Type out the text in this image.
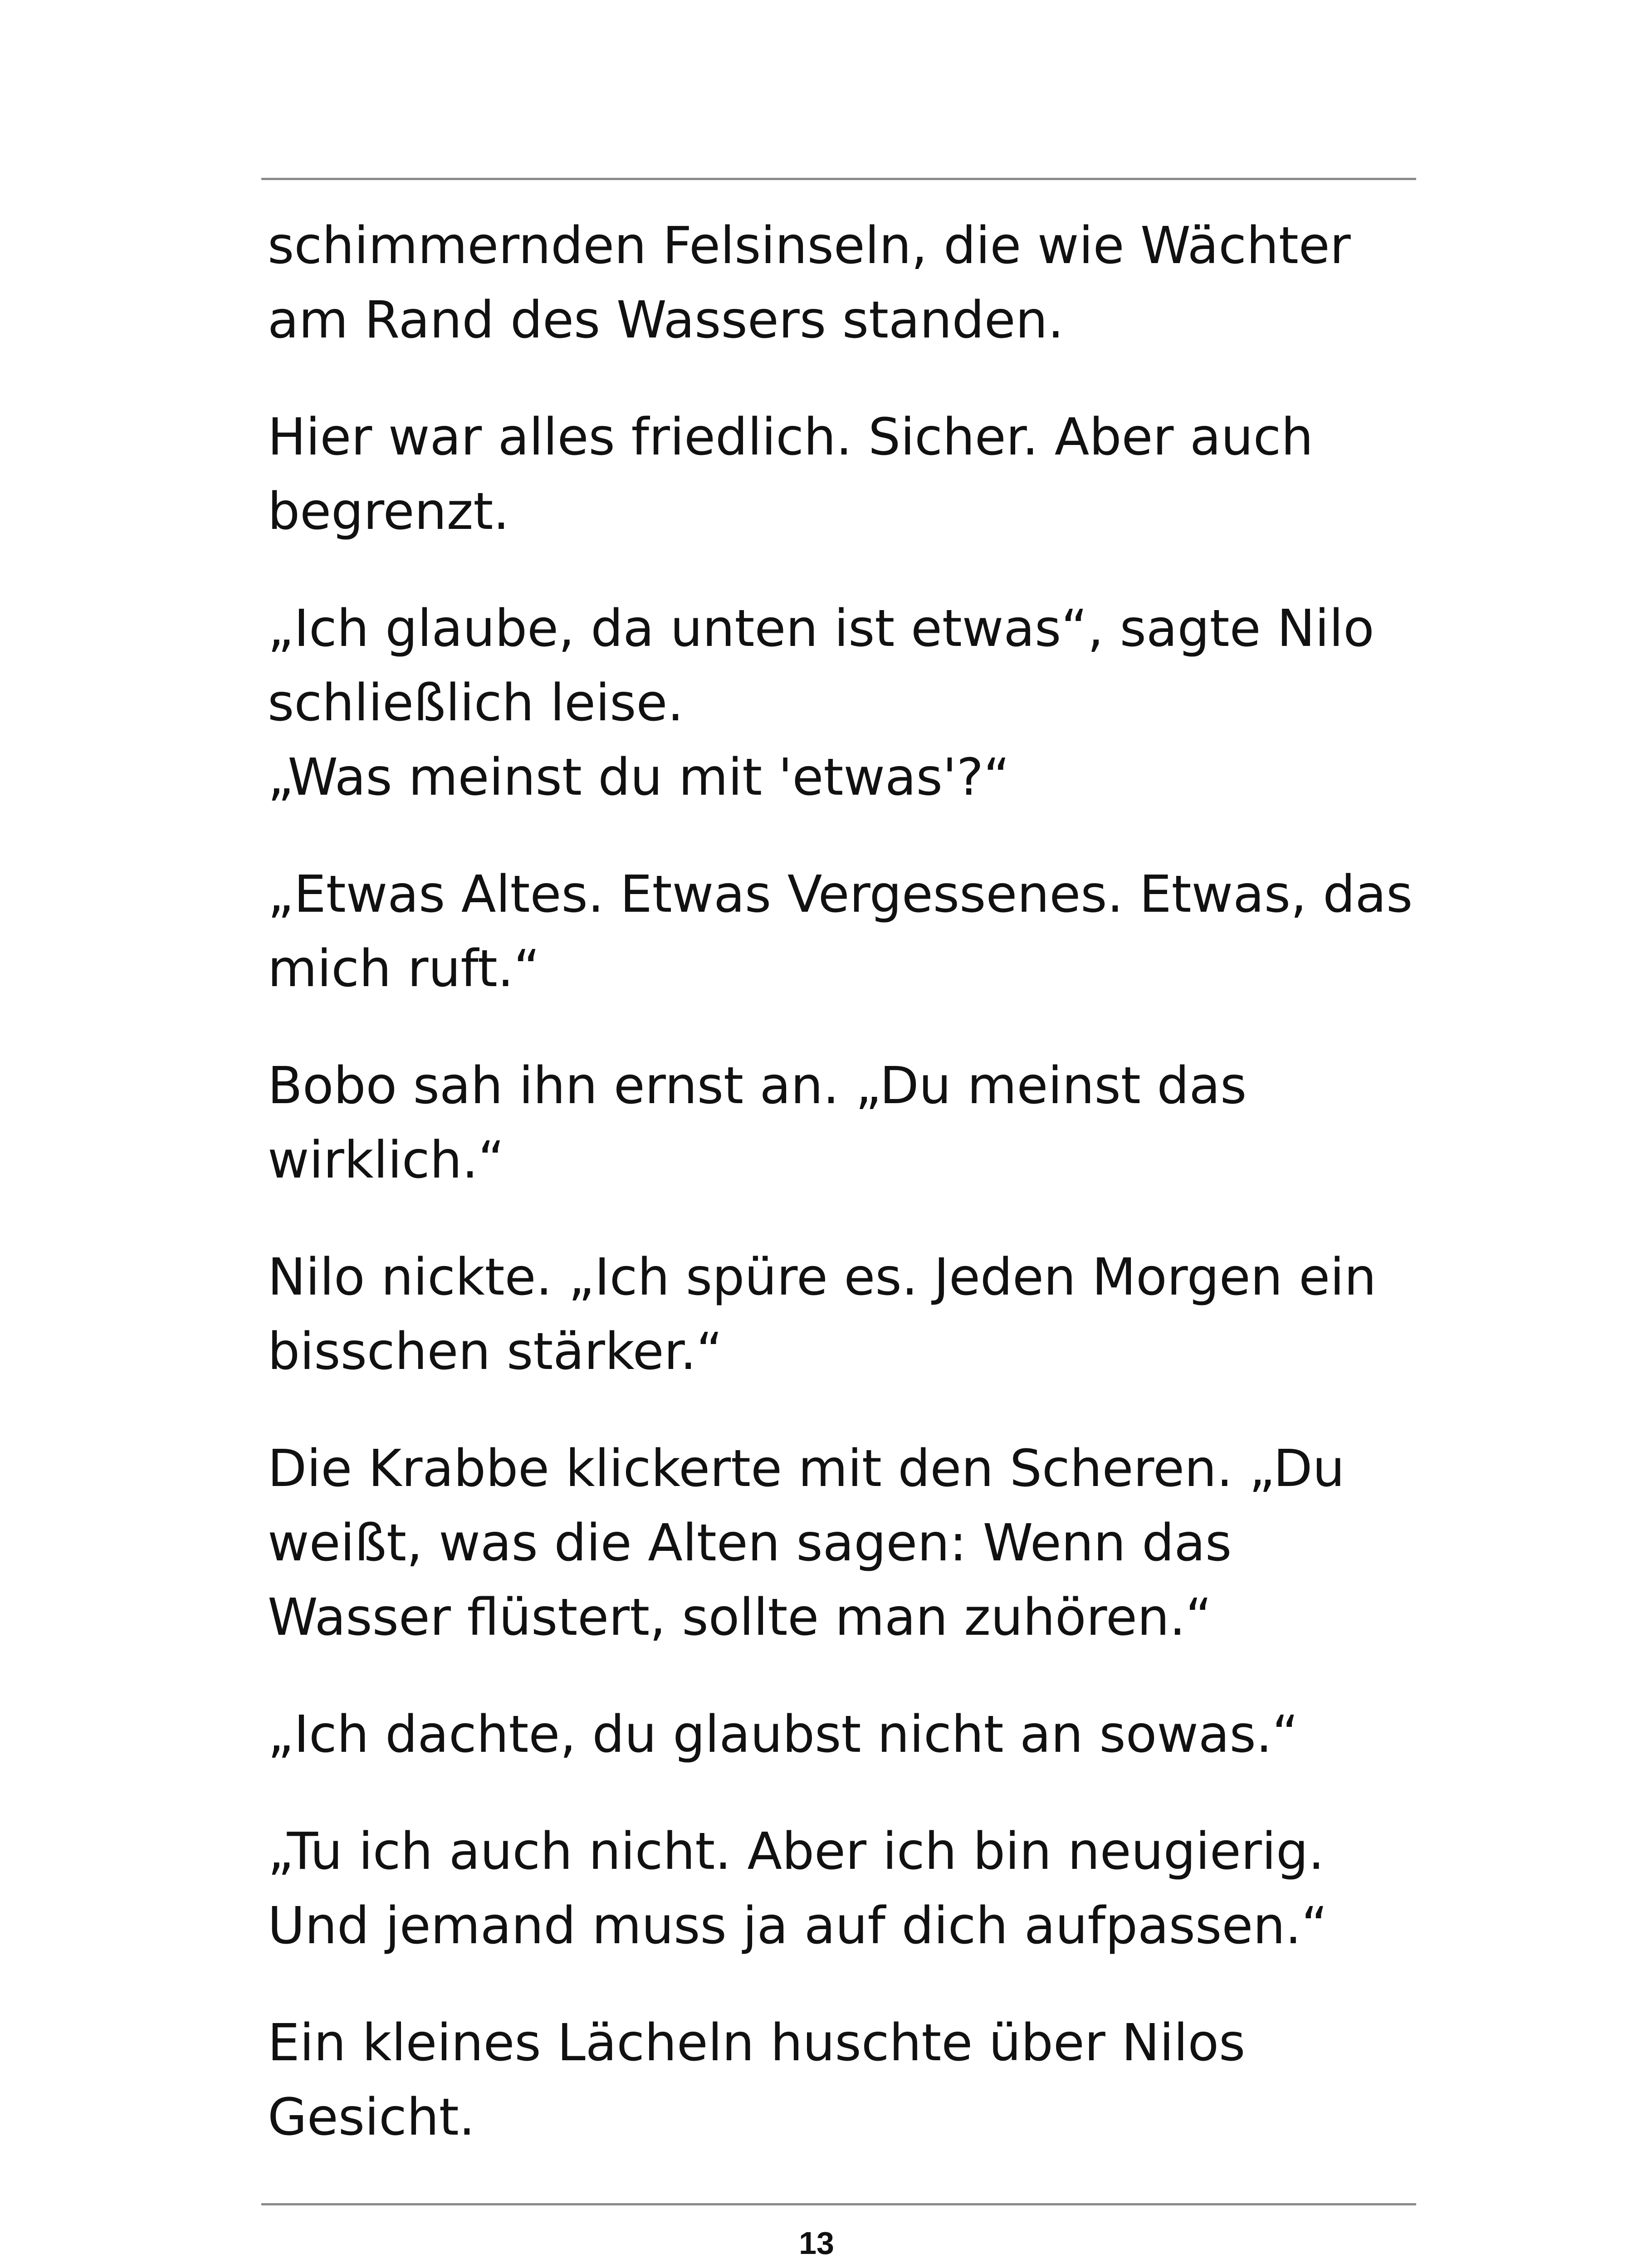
schimmernden Felsinseln, die wie Wächter
am Rand des Wassers standen.

Hier war alles friedlich. Sicher. Aber auch
begrenzt.

„Ich glaube, da unten ist etwas“, sagte Nilo
schließlich leise.
„Was meinst du mit 'etwas'?“

„Etwas Altes. Etwas Vergessenes. Etwas, das
mich ruft.“

Bobo sah ihn ernst an. „Du meinst das
wirklich.“

Nilo nickte. „Ich spüre es. Jeden Morgen ein
bisschen stärker.“

Die Krabbe klickerte mit den Scheren. „Du
weißt, was die Alten sagen: Wenn das
Wasser flüstert, sollte man zuhören.“

„Ich dachte, du glaubst nicht an sowas.“

„Tu ich auch nicht. Aber ich bin neugierig.
Und jemand muss ja auf dich aufpassen.“

Ein kleines Lächeln huschte über Nilos
Gesicht.

13
